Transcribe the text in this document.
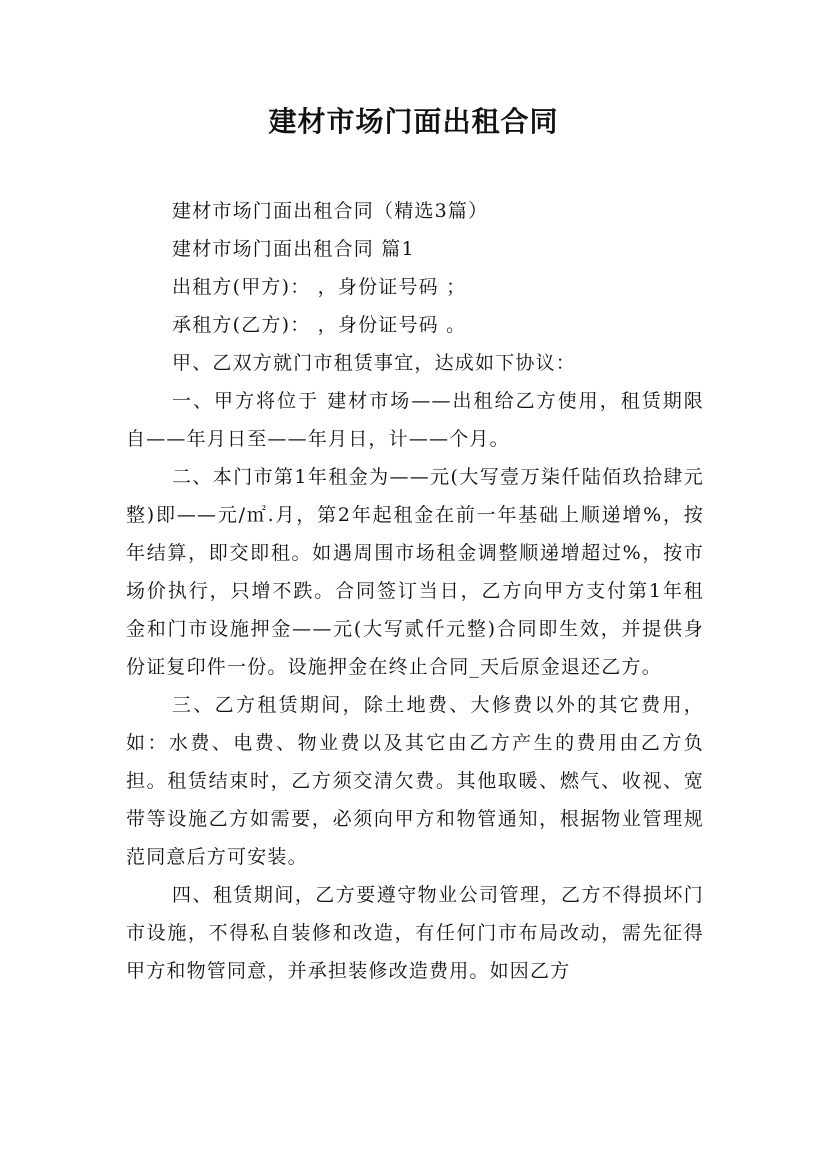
建材市场门面出租合同

建材市场门面出租合同（精选3篇）

建材市场门面出租合同 篇1

出租方(甲方)： ，身份证号码 ；

承租方(乙方)： ，身份证号码 。

甲、乙双方就门市租赁事宜，达成如下协议：

一、甲方将位于 建材市场——出租给乙方使用，租赁期限自——年月日至——年月日，计——个月。

二、本门市第1年租金为——元(大写壹万柒仟陆佰玖拾肆元整)即——元/㎡.月，第2年起租金在前一年基础上顺递增%，按年结算，即交即租。如遇周围市场租金调整顺递增超过%，按市场价执行，只增不跌。合同签订当日，乙方向甲方支付第1年租金和门市设施押金——元(大写贰仟元整)合同即生效，并提供身份证复印件一份。设施押金在终止合同_天后原金退还乙方。

三、乙方租赁期间，除土地费、大修费以外的其它费用，如：水费、电费、物业费以及其它由乙方产生的费用由乙方负担。租赁结束时，乙方须交清欠费。其他取暖、燃气、收视、宽带等设施乙方如需要，必须向甲方和物管通知，根据物业管理规范同意后方可安装。

四、租赁期间，乙方要遵守物业公司管理，乙方不得损坏门市设施，不得私自装修和改造，有任何门市布局改动，需先征得甲方和物管同意，并承担装修改造费用。如因乙方
